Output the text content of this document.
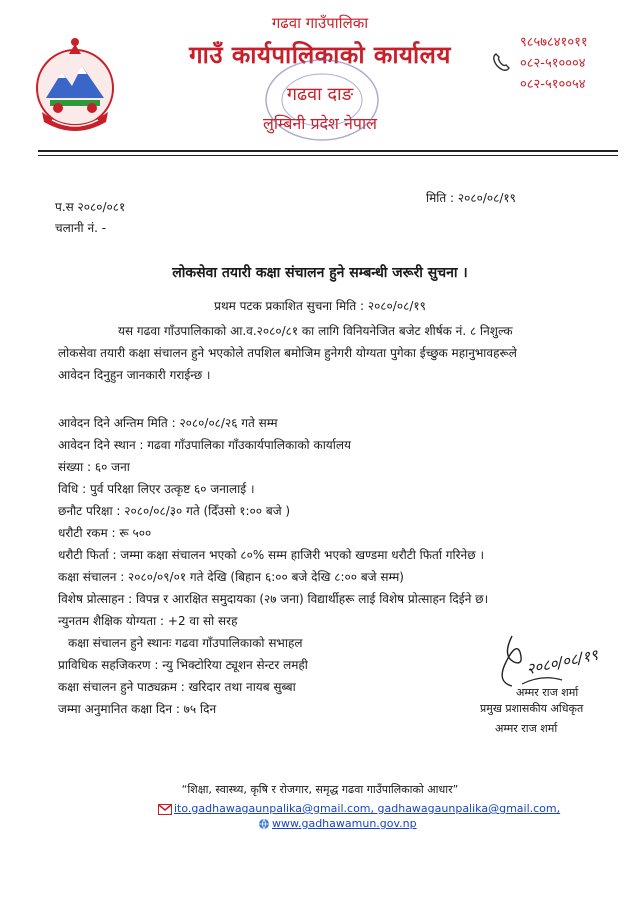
गढवा गाउँपालिका
गाउँ कार्यपालिकाको कार्यालय
गढवा दाङ
लुम्बिनी प्रदेश नेपाल
९८५७८४१०११
०८२-५१०००४
०८२-५१००५४
प.स २०८०/०८१
चलानी नं. -
मिति : २०८०/०८/१९
लोकसेवा तयारी कक्षा संचालन हुने सम्बन्धी जरूरी सुचना ।
प्रथम पटक प्रकाशित सुचना मिति : २०८०/०८/१९
यस गढवा गाँउपालिकाको आ.व.२०८०/८१ का लागि विनियनेजित बजेट शीर्षक नं. ८ निशुल्क
लोकसेवा तयारी कक्षा संचालन हुने भएकोले तपशिल बमोजिम हुनेगरी योग्यता पुगेका ईच्छुक महानुभावहरूले
आवेदन दिनुहुन जानकारी गराईन्छ ।
आवेदन दिने अन्तिम मिति : २०८०/०८/२६ गते सम्म
आवेदन दिने स्थान : गढवा गाँउपालिका गाँउकार्यपालिकाको कार्यालय
संख्या : ६० जना
विधि : पुर्व परिक्षा लिएर उत्कृष्ट ६० जनालाई ।
छनौट परिक्षा : २०८०/०८/३० गते (दिँउसो १:०० बजे )
धरौटी रकम : रू ५००
धरौटी फिर्ता : जम्मा कक्षा संचालन भएको ८०% सम्म हाजिरी भएको खण्डमा धरौटी फिर्ता गरिनेछ ।
कक्षा संचालन : २०८०/०९/०१ गते देखि (बिहान ६:०० बजे देखि ८:०० बजे सम्म)
विशेष प्रोत्साहन : विपन्न र आरक्षित समुदायका (२७ जना) विद्यार्थीहरू लाई विशेष प्रोत्साहन दिईने छ।
न्युनतम शैक्षिक योग्यता : +2 वा सो सरह
कक्षा संचालन हुने स्थानः गढवा गाँउपालिकाको सभाहल
प्राविधिक सहजिकरण : न्यु भिक्टोरिया ट्यूशन सेन्टर लमही
कक्षा संचालन हुने पाठ्यक्रम : खरिदार तथा नायब सुब्बा
जम्मा अनुमानित कक्षा दिन : ७५ दिन
२०८०/०८/१९
अम्मर राज शर्मा
प्रमुख प्रशासकीय अधिकृत
अम्मर राज शर्मा
“शिक्षा, स्वास्थ्य, कृषि र रोजगार, समृद्ध गढवा गाउँपालिकाको आधार”
ito.gadhawagaunpalika@gmail.com, gadhawagaunpalika@gmail.com,
www.gadhawamun.gov.np
